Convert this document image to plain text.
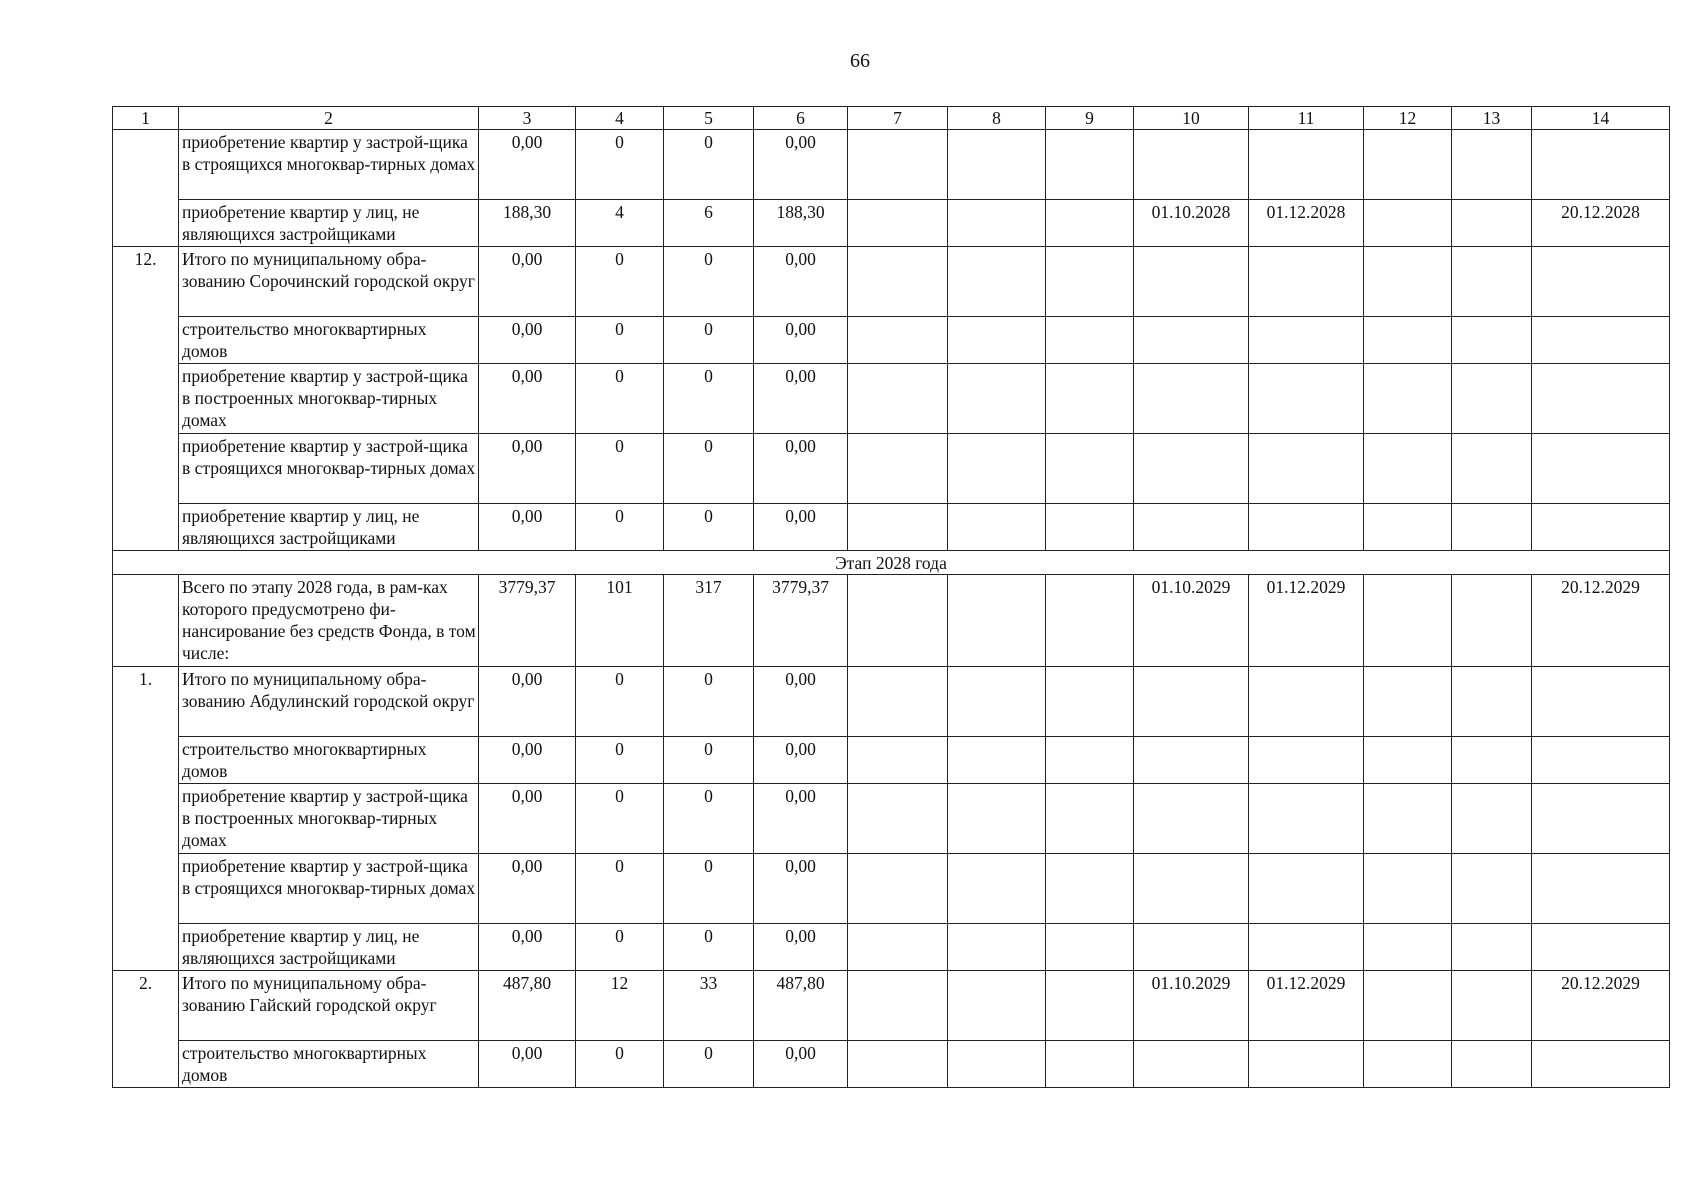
66
1	2	3	4	5	6	7	8	9	10	11	12	13	14
	приобретение квартир у застрой-щика в строящихся многоквар-тирных домах	0,00	0	0	0,00								
	приобретение квартир у лиц, не являющихся застройщиками	188,30	4	6	188,30				01.10.2028	01.12.2028			20.12.2028
12.	Итого по муниципальному обра-зованию Сорочинский городской округ	0,00	0	0	0,00								
	строительство многоквартирных домов	0,00	0	0	0,00								
	приобретение квартир у застрой-щика в построенных многоквар-тирных домах	0,00	0	0	0,00								
	приобретение квартир у застрой-щика в строящихся многоквар-тирных домах	0,00	0	0	0,00								
	приобретение квартир у лиц, не являющихся застройщиками	0,00	0	0	0,00								
Этап 2028 года													
	Всего по этапу 2028 года, в рам-ках которого предусмотрено фи-нансирование без средств Фонда, в том числе:	3779,37	101	317	3779,37				01.10.2029	01.12.2029			20.12.2029
1.	Итого по муниципальному обра-зованию Абдулинский городской округ	0,00	0	0	0,00								
	строительство многоквартирных домов	0,00	0	0	0,00								
	приобретение квартир у застрой-щика в построенных многоквар-тирных домах	0,00	0	0	0,00								
	приобретение квартир у застрой-щика в строящихся многоквар-тирных домах	0,00	0	0	0,00								
	приобретение квартир у лиц, не являющихся застройщиками	0,00	0	0	0,00								
2.	Итого по муниципальному обра-зованию Гайский городской округ	487,80	12	33	487,80				01.10.2029	01.12.2029			20.12.2029
	строительство многоквартирных домов	0,00	0	0	0,00								
